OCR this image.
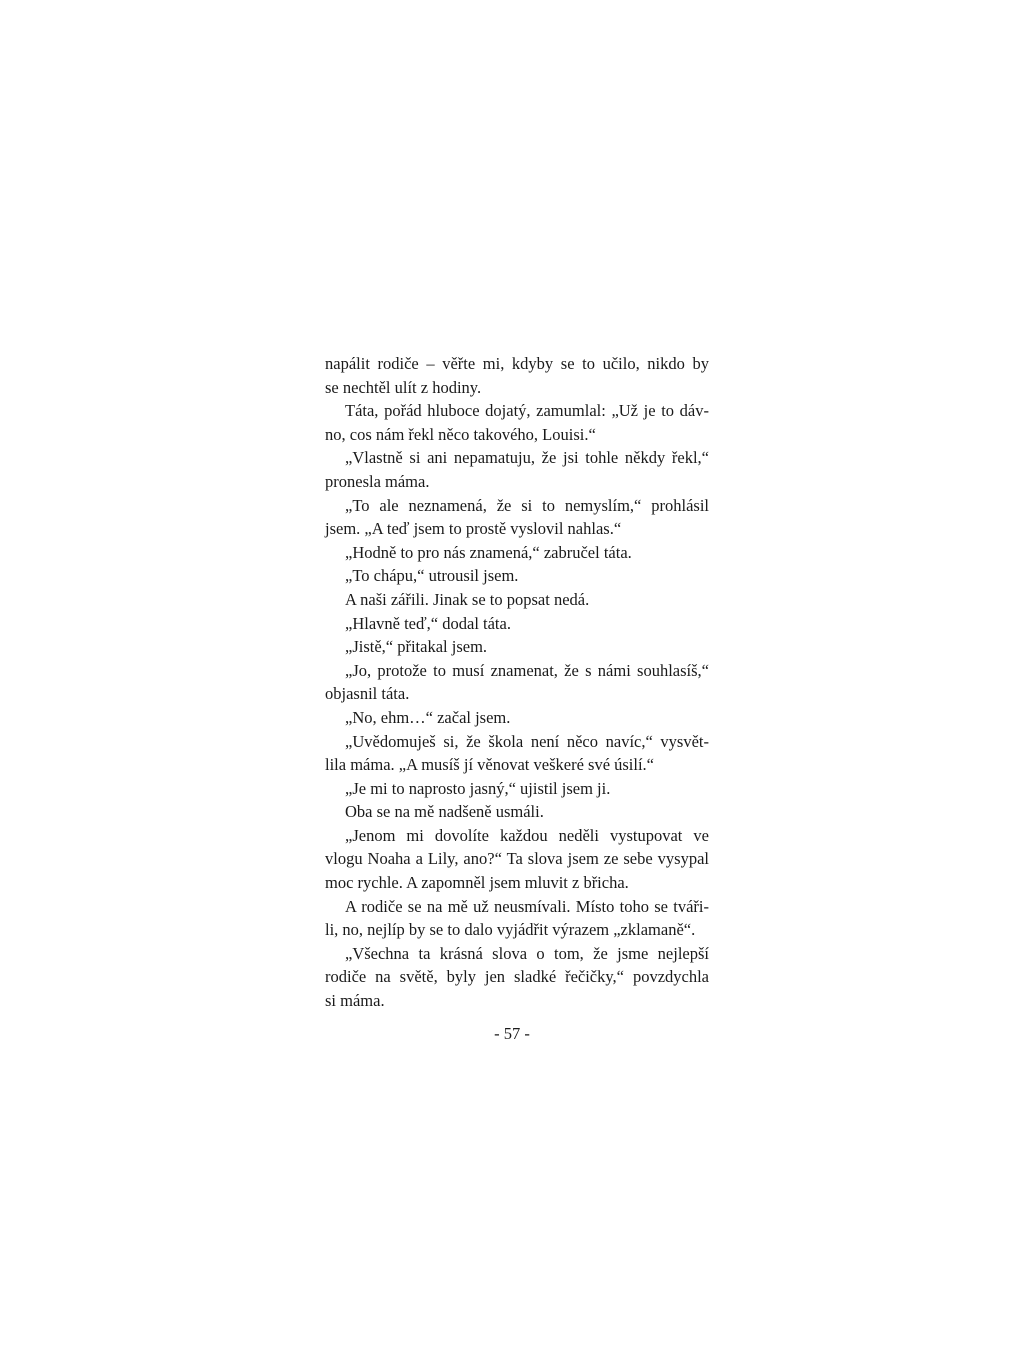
napálit rodiče – věřte mi, kdyby se to učilo, nikdo by
se nechtěl ulít z hodiny.
Táta, pořád hluboce dojatý, zamumlal: „Už je to dáv-
no, cos nám řekl něco takového, Louisi.“
„Vlastně si ani nepamatuju, že jsi tohle někdy řekl,“
pronesla máma.
„To ale neznamená, že si to nemyslím,“ prohlásil
jsem. „A teď jsem to prostě vyslovil nahlas.“
„Hodně to pro nás znamená,“ zabručel táta.
„To chápu,“ utrousil jsem.
A naši zářili. Jinak se to popsat nedá.
„Hlavně teď,“ dodal táta.
„Jistě,“ přitakal jsem.
„Jo, protože to musí znamenat, že s námi souhlasíš,“
objasnil táta.
„No, ehm…“ začal jsem.
„Uvědomuješ si, že škola není něco navíc,“ vysvět-
lila máma. „A musíš jí věnovat veškeré své úsilí.“
„Je mi to naprosto jasný,“ ujistil jsem ji.
Oba se na mě nadšeně usmáli.
„Jenom mi dovolíte každou neděli vystupovat ve
vlogu Noaha a Lily, ano?“ Ta slova jsem ze sebe vysypal
moc rychle. A zapomněl jsem mluvit z břicha.
A rodiče se na mě už neusmívali. Místo toho se tváři-
li, no, nejlíp by se to dalo vyjádřit výrazem „zklamaně“.
„Všechna ta krásná slova o tom, že jsme nejlepší
rodiče na světě, byly jen sladké řečičky,“ povzdychla
si máma.
- 57 -
